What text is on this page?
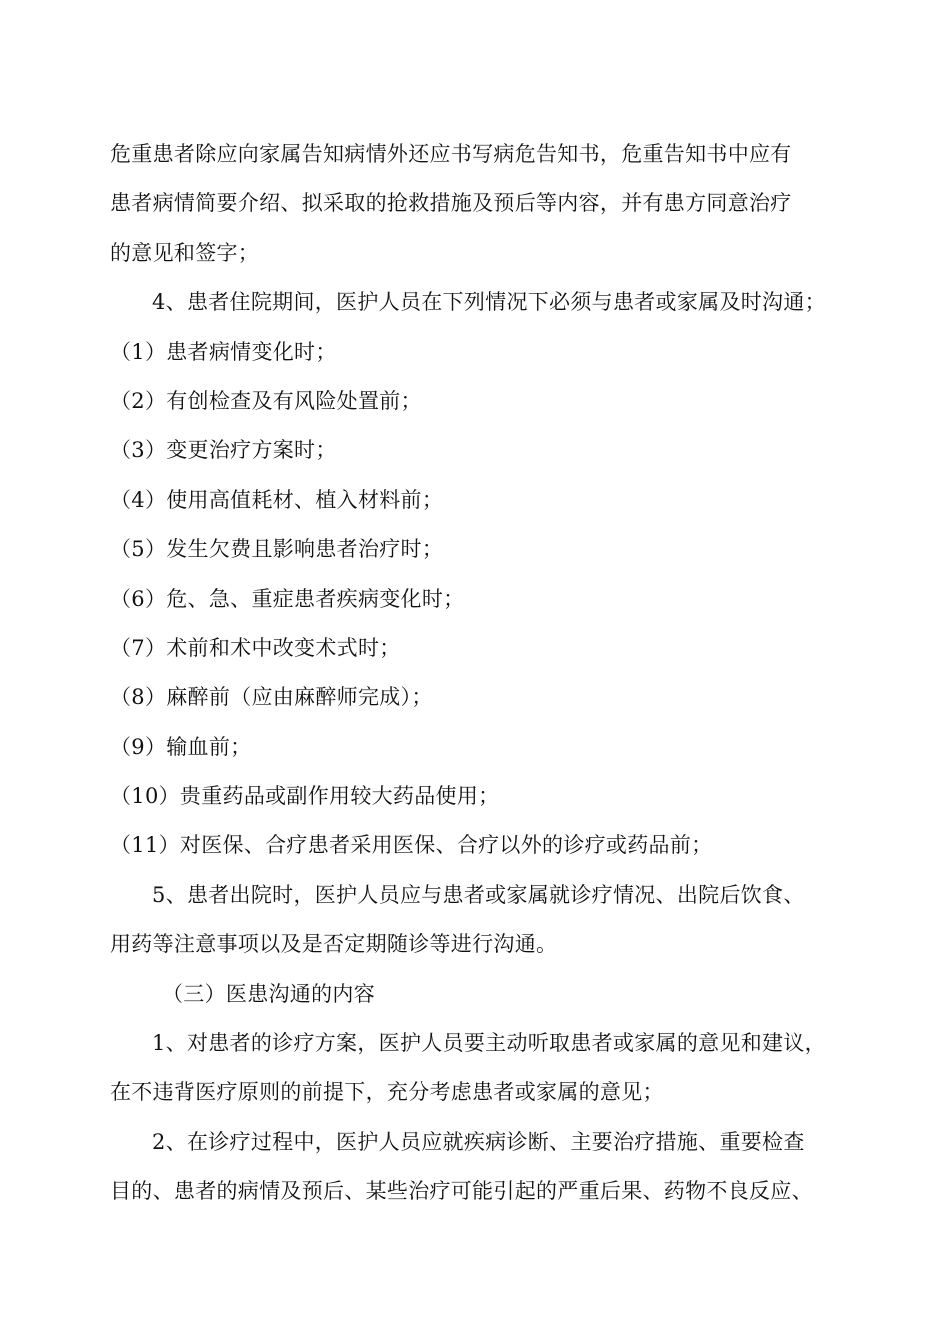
危重患者除应向家属告知病情外还应书写病危告知书，危重告知书中应有
患者病情简要介绍、拟采取的抢救措施及预后等内容，并有患方同意治疗
的意见和签字；
4、患者住院期间，医护人员在下列情况下必须与患者或家属及时沟通；
（1）患者病情变化时；
（2）有创检查及有风险处置前；
（3）变更治疗方案时；
（4）使用高值耗材、植入材料前；
（5）发生欠费且影响患者治疗时；
（6）危、急、重症患者疾病变化时；
（7）术前和术中改变术式时；
（8）麻醉前（应由麻醉师完成）；
（9）输血前；
（10）贵重药品或副作用较大药品使用；
（11）对医保、合疗患者采用医保、合疗以外的诊疗或药品前；
5、患者出院时，医护人员应与患者或家属就诊疗情况、出院后饮食、
用药等注意事项以及是否定期随诊等进行沟通。
（三）医患沟通的内容
1、对患者的诊疗方案，医护人员要主动听取患者或家属的意见和建议，
在不违背医疗原则的前提下，充分考虑患者或家属的意见；
2、在诊疗过程中，医护人员应就疾病诊断、主要治疗措施、重要检查
目的、患者的病情及预后、某些治疗可能引起的严重后果、药物不良反应、
